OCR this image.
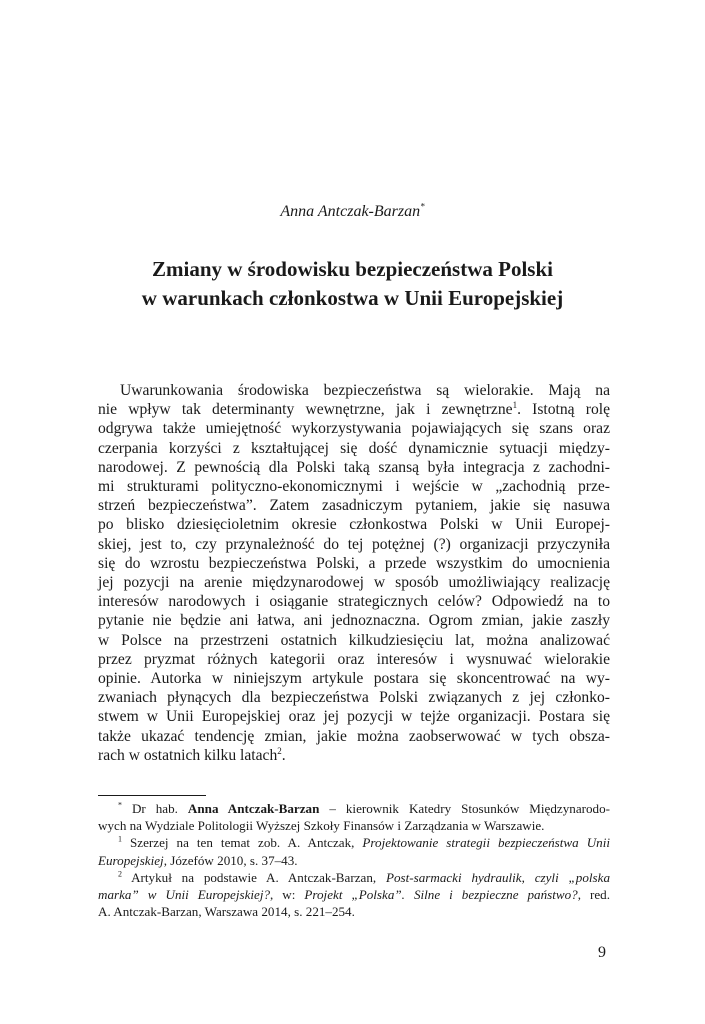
Anna Antczak-Barzan*
Zmiany w środowisku bezpieczeństwa Polski
w warunkach członkostwa w Unii Europejskiej
Uwarunkowania środowiska bezpieczeństwa są wielorakie. Mają na
nie wpływ tak determinanty wewnętrzne, jak i zewnętrzne$^1$. Istotną rolę
odgrywa także umiejętność wykorzystywania pojawiających się szans oraz
czerpania korzyści z kształtującej się dość dynamicznie sytuacji między-
narodowej. Z pewnością dla Polski taką szansą była integracja z zachodni-
mi strukturami polityczno-ekonomicznymi i wejście w „zachodnią prze-
strzeń bezpieczeństwa”. Zatem zasadniczym pytaniem, jakie się nasuwa
po blisko dziesięcioletnim okresie członkostwa Polski w Unii Europej-
skiej, jest to, czy przynależność do tej potężnej (?) organizacji przyczyniła
się do wzrostu bezpieczeństwa Polski, a przede wszystkim do umocnienia
jej pozycji na arenie międzynarodowej w sposób umożliwiający realizację
interesów narodowych i osiąganie strategicznych celów? Odpowiedź na to
pytanie nie będzie ani łatwa, ani jednoznaczna. Ogrom zmian, jakie zaszły
w Polsce na przestrzeni ostatnich kilkudziesięciu lat, można analizować
przez pryzmat różnych kategorii oraz interesów i wysnuwać wielorakie
opinie. Autorka w niniejszym artykule postara się skoncentrować na wy-
zwaniach płynących dla bezpieczeństwa Polski związanych z jej członko-
stwem w Unii Europejskiej oraz jej pozycji w tejże organizacji. Postara się
także ukazać tendencję zmian, jakie można zaobserwować w tych obsza-
rach w ostatnich kilku latach$^2$.
* Dr hab. Anna Antczak-Barzan – kierownik Katedry Stosunków Międzynarodo-
wych na Wydziale Politologii Wyższej Szkoły Finansów i Zarządzania w Warszawie.
$^1$ Szerzej na ten temat zob. A. Antczak, Projektowanie strategii bezpieczeństwa Unii
Europejskiej, Józefów 2010, s. 37–43.
$^2$ Artykuł na podstawie A. Antczak-Barzan, Post-sarmacki hydraulik, czyli „polska
marka” w Unii Europejskiej?, w: Projekt „Polska”. Silne i bezpieczne państwo?, red.
A. Antczak-Barzan, Warszawa 2014, s. 221–254.
9
